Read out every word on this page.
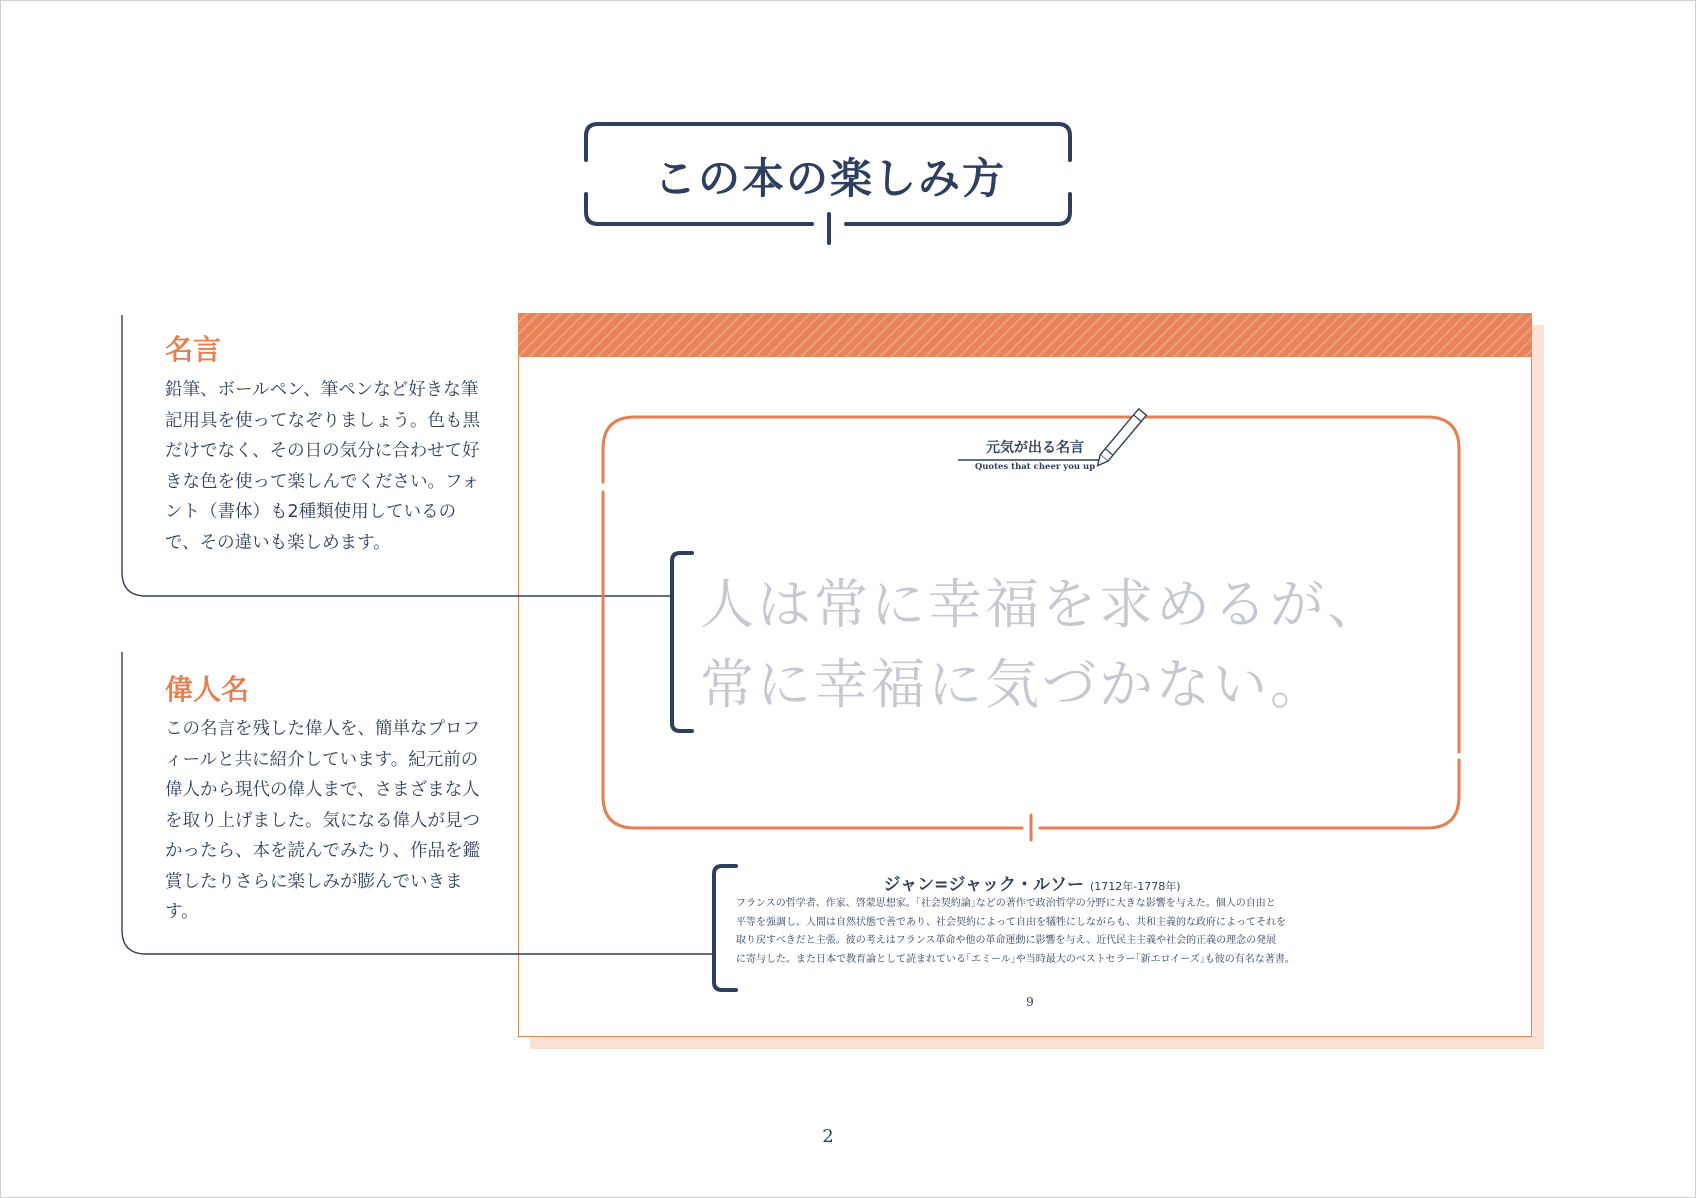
この本の楽しみ方
名言
鉛筆、ボールペン、筆ペンなど好きな筆記用具を使ってなぞりましょう。色も黒だけでなく、その日の気分に合わせて好きな色を使って楽しんでください。フォント（書体）も2種類使用しているので、その違いも楽しめます。
偉人名
この名言を残した偉人を、簡単なプロフィールと共に紹介しています。紀元前の偉人から現代の偉人まで、さまざまな人を取り上げました。気になる偉人が見つかったら、本を読んでみたり、作品を鑑賞したりさらに楽しみが膨んでいきます。
元気が出る名言
Quotes that cheer you up
人は常に幸福を求めるが、
常に幸福に気づかない。
ジャン=ジャック・ルソー (1712年-1778年)
フランスの哲学者、作家、啓蒙思想家。｢社会契約論｣などの著作で政治哲学の分野に大きな影響を与えた。個人の自由と
平等を強調し、人間は自然状態で善であり、社会契約によって自由を犠牲にしながらも、共和主義的な政府によってそれを
取り戻すべきだと主張。彼の考えはフランス革命や他の革命運動に影響を与え、近代民主主義や社会的正義の理念の発展
に寄与した。また日本で教育論として読まれている｢エミール｣や当時最大のベストセラー｢新エロイーズ｣も彼の有名な著書。
9
2
